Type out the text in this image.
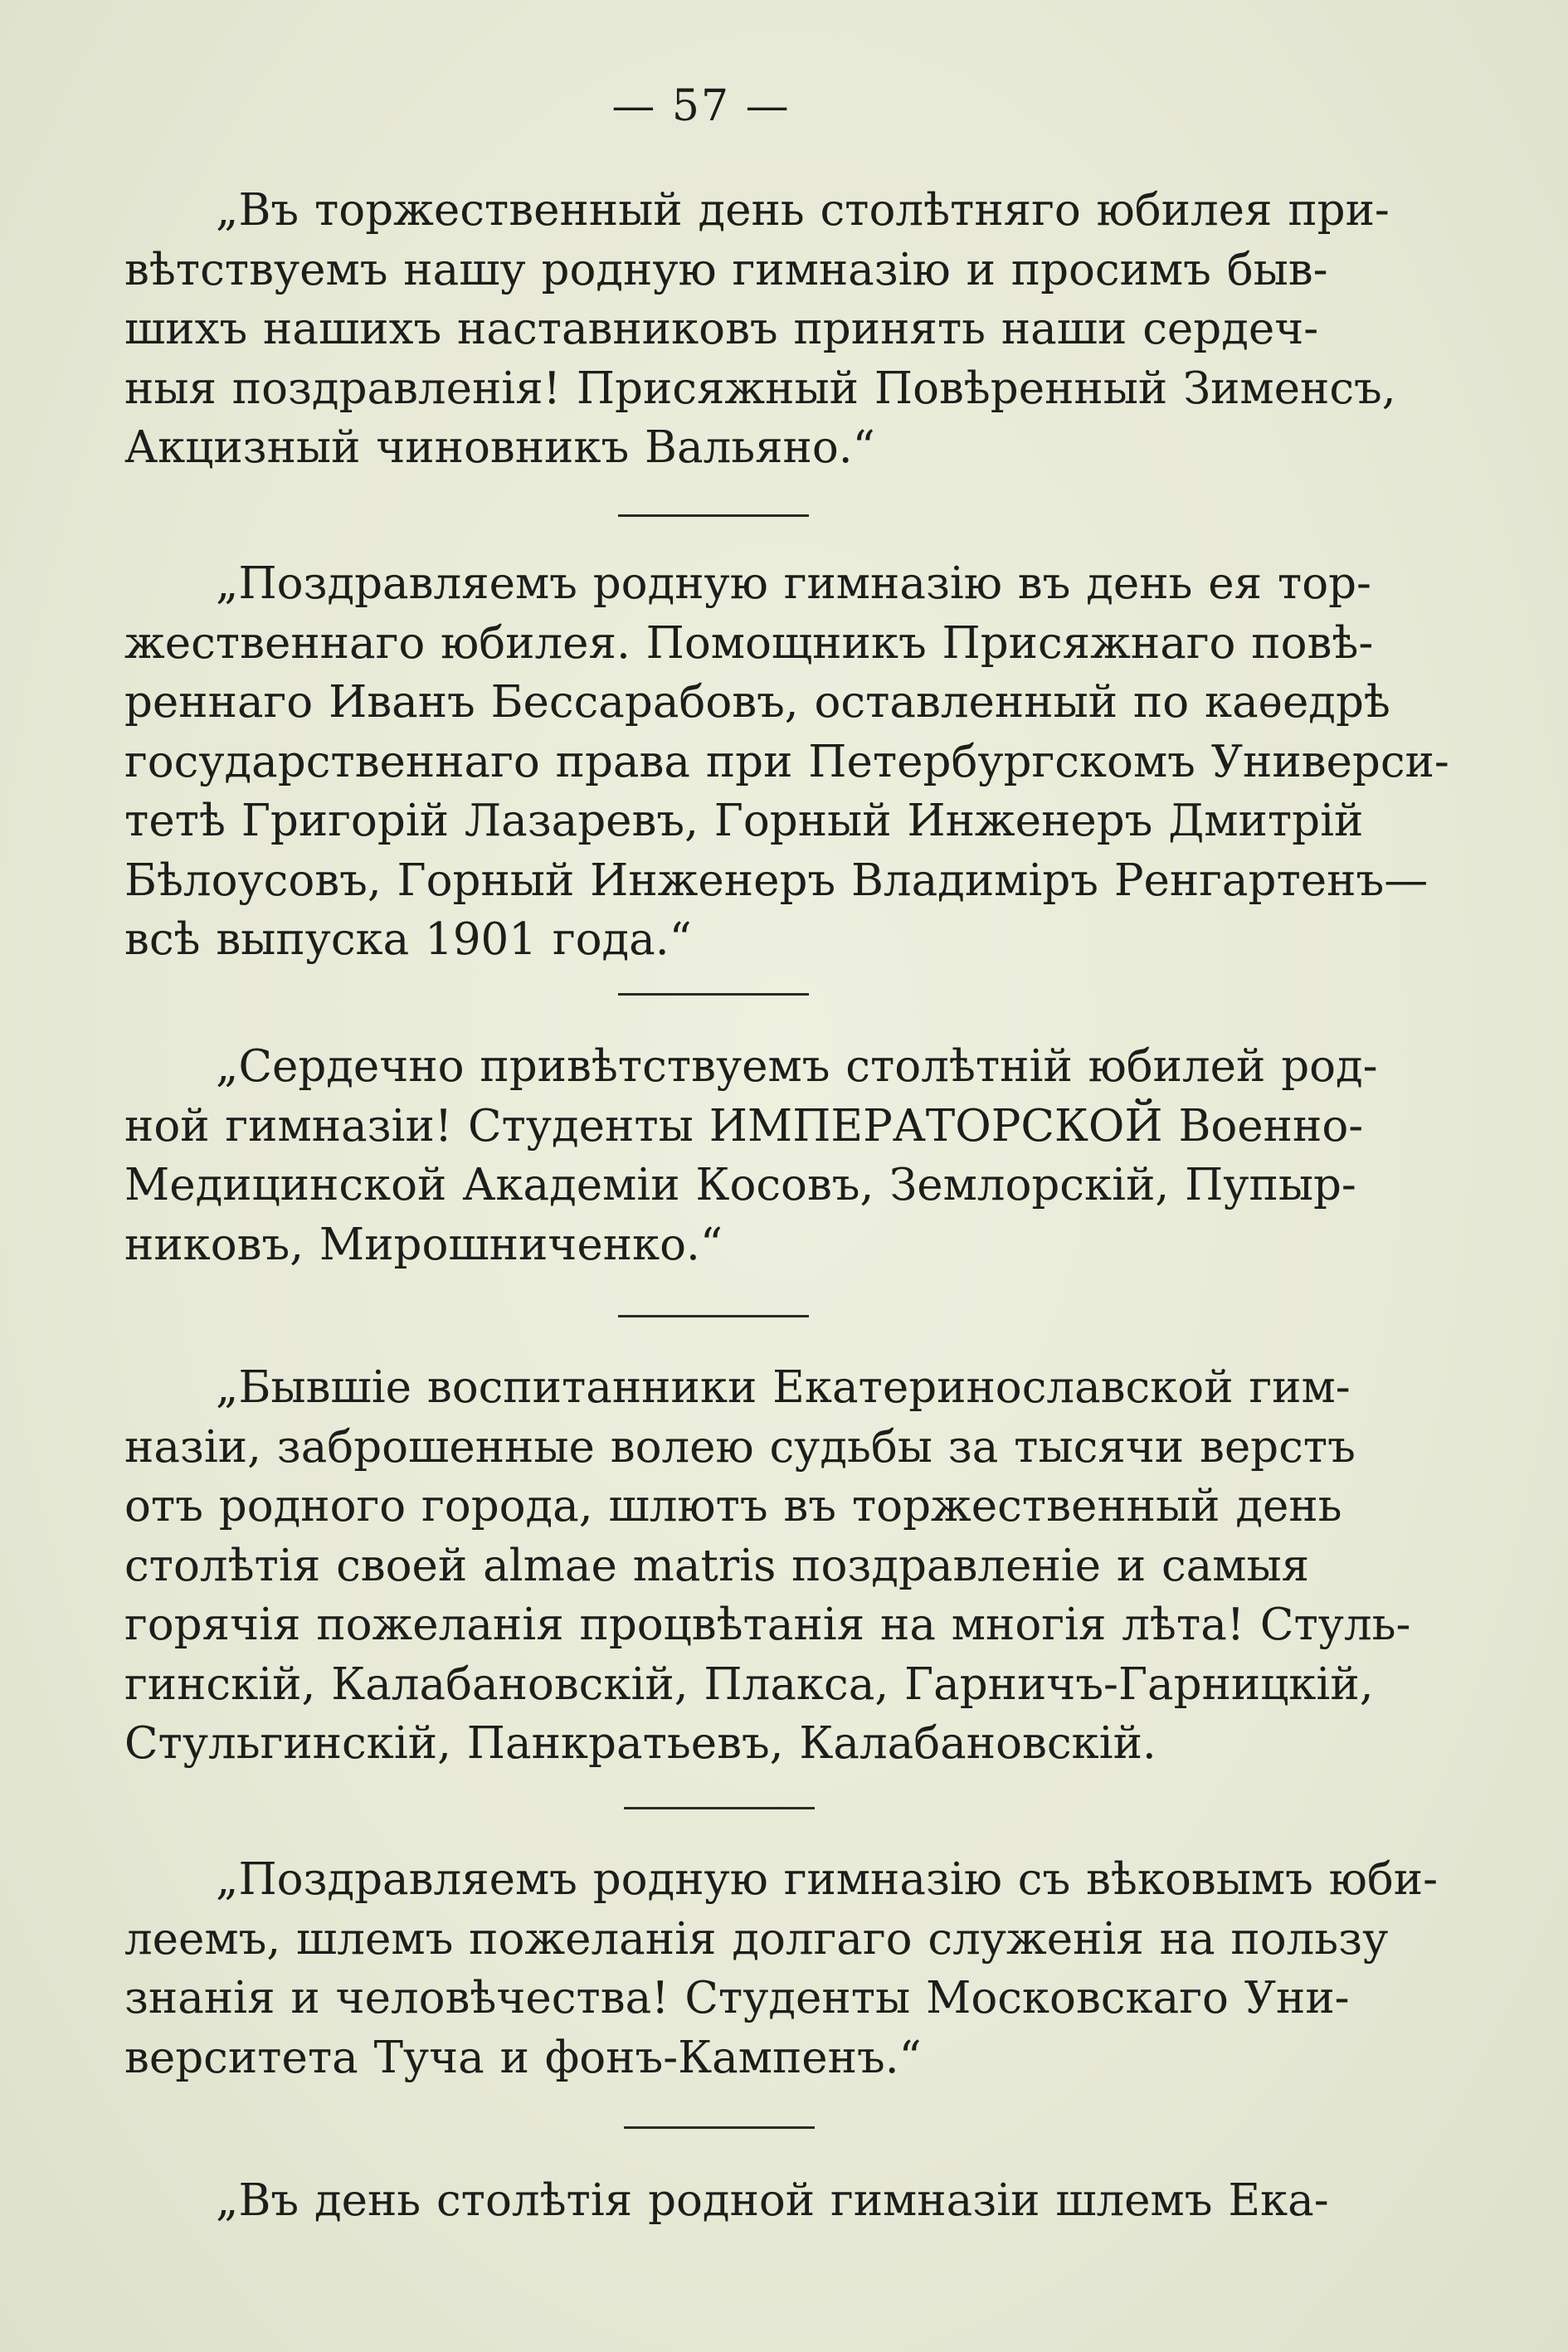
— 57 —
„Въ торжественный день столѣтняго юбилея при-
вѣтствуемъ нашу родную гимназію и просимъ быв-
шихъ нашихъ наставниковъ принять наши сердеч-
ныя поздравленія! Присяжный Повѣренный Зименсъ,
Акцизный чиновникъ Вальяно.“
„Поздравляемъ родную гимназію въ день ея тор-
жественнаго юбилея. Помощникъ Присяжнаго повѣ-
реннаго Иванъ Бессарабовъ, оставленный по каѳедрѣ
государственнаго права при Петербургскомъ Универси-
тетѣ Григорій Лазаревъ, Горный Инженеръ Дмитрій
Бѣлоусовъ, Горный Инженеръ Владиміръ Ренгартенъ—
всѣ выпуска 1901 года.“
„Сердечно привѣтствуемъ столѣтній юбилей род-
ной гимназіи! Студенты ИМПЕРАТОРСКОЙ Военно-
Медицинской Академіи Косовъ, Землорскій, Пупыр-
никовъ, Мирошниченко.“
„Бывшіе воспитанники Екатеринославской гим-
назіи, заброшенные волею судьбы за тысячи верстъ
отъ родного города, шлютъ въ торжественный день
столѣтія своей almae matris поздравленіе и самыя
горячія пожеланія процвѣтанія на многія лѣта! Стуль-
гинскій, Калабановскій, Плакса, Гарничъ-Гарницкій,
Стульгинскій, Панкратьевъ, Калабановскій.
„Поздравляемъ родную гимназію съ вѣковымъ юби-
леемъ, шлемъ пожеланія долгаго служенія на пользу
знанія и человѣчества! Студенты Московскаго Уни-
верситета Туча и фонъ-Кампенъ.“
„Въ день столѣтія родной гимназіи шлемъ Ека-
